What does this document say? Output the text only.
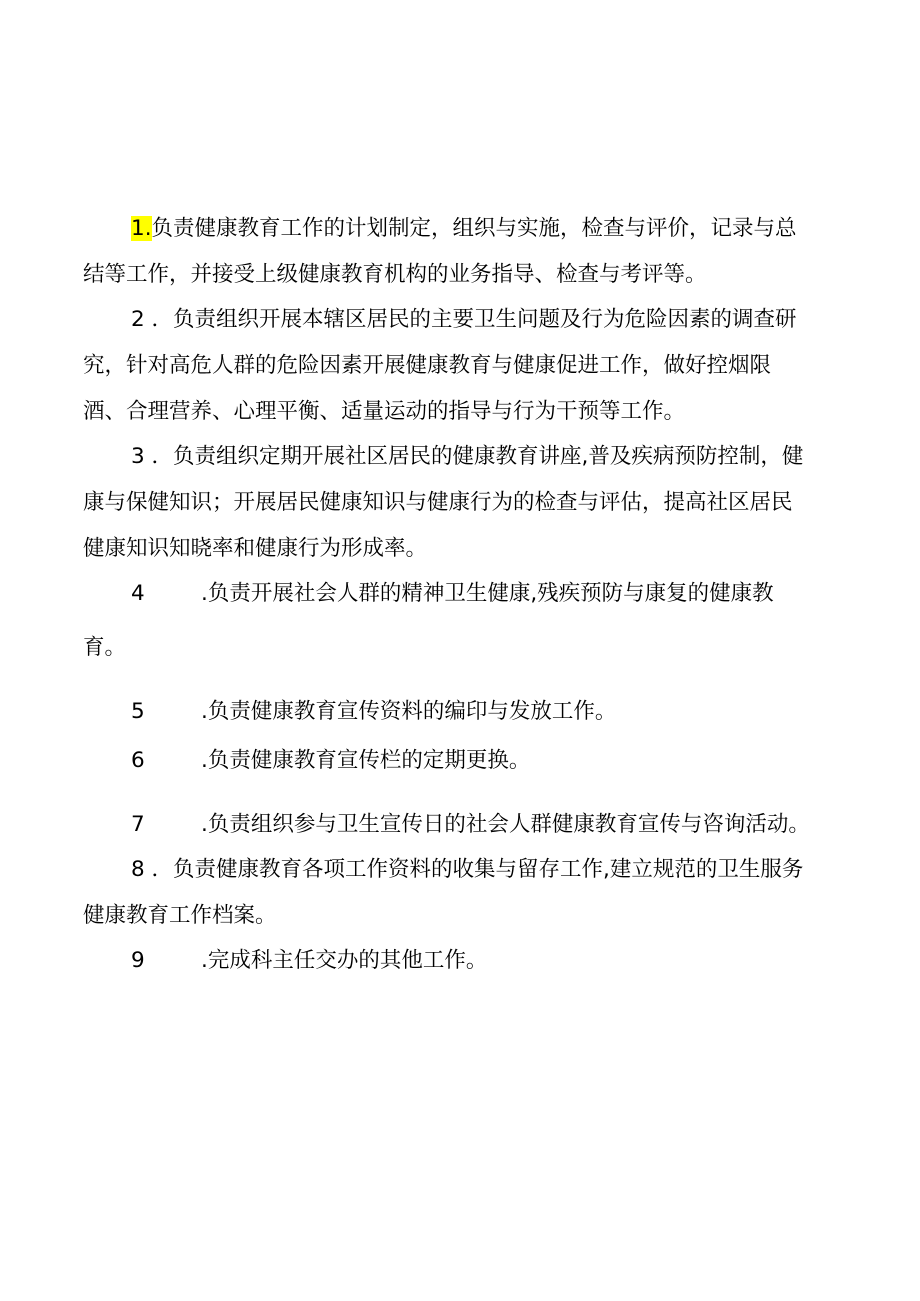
1.负责健康教育工作的计划制定，组织与实施，检查与评价，记录与总

结等工作，并接受上级健康教育机构的业务指导、检查与考评等。

2 ．负责组织开展本辖区居民的主要卫生问题及行为危险因素的调查研

究，针对高危人群的危险因素开展健康教育与健康促进工作，做好控烟限

酒、合理营养、心理平衡、适量运动的指导与行为干预等工作。

3 ．负责组织定期开展社区居民的健康教育讲座,普及疾病预防控制，健

康与保健知识；开展居民健康知识与健康行为的检查与评估，提高社区居民

健康知识知晓率和健康行为形成率。

4	.负责开展社会人群的精神卫生健康,残疾预防与康复的健康教

育。

5	.负责健康教育宣传资料的编印与发放工作。

6	.负责健康教育宣传栏的定期更换。

7	.负责组织参与卫生宣传日的社会人群健康教育宣传与咨询活动。

8 ．负责健康教育各项工作资料的收集与留存工作,建立规范的卫生服务

健康教育工作档案。

9	.完成科主任交办的其他工作。
